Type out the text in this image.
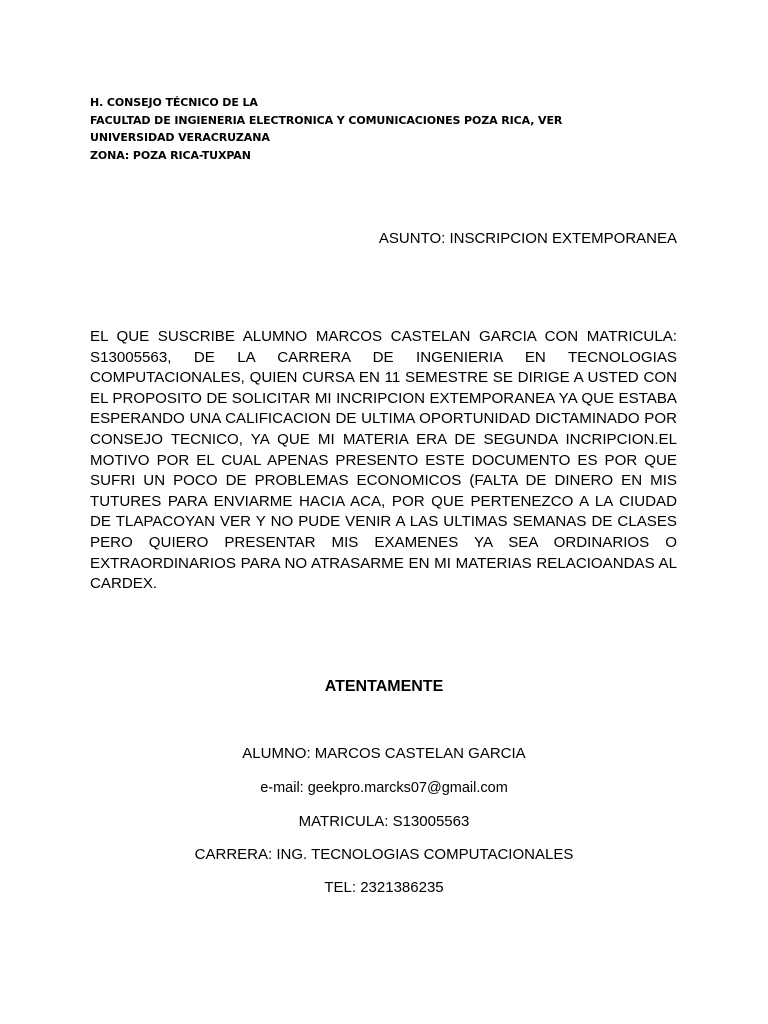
H. CONSEJO TÉCNICO DE LA
FACULTAD DE INGIENERIA ELECTRONICA Y COMUNICACIONES POZA RICA, VER
UNIVERSIDAD VERACRUZANA
ZONA: POZA RICA-TUXPAN
ASUNTO: INSCRIPCION EXTEMPORANEA

EL QUE SUSCRIBE ALUMNO MARCOS CASTELAN GARCIA CON MATRICULA: S13005563, DE LA CARRERA DE INGENIERIA EN TECNOLOGIAS COMPUTACIONALES, QUIEN CURSA EN 11 SEMESTRE SE DIRIGE A USTED CON EL PROPOSITO DE SOLICITAR MI INCRIPCION EXTEMPORANEA YA QUE ESTABA ESPERANDO UNA CALIFICACION DE ULTIMA OPORTUNIDAD DICTAMINADO POR CONSEJO TECNICO, YA QUE MI MATERIA ERA DE SEGUNDA INCRIPCION.EL MOTIVO POR EL CUAL APENAS PRESENTO ESTE DOCUMENTO ES POR QUE SUFRI UN POCO DE PROBLEMAS ECONOMICOS (FALTA DE DINERO EN MIS TUTURES PARA ENVIARME HACIA ACA, POR QUE PERTENEZCO A LA CIUDAD DE TLAPACOYAN VER Y NO PUDE VENIR A LAS ULTIMAS SEMANAS DE CLASES PERO QUIERO PRESENTAR MIS EXAMENES YA SEA ORDINARIOS O EXTRAORDINARIOS PARA NO ATRASARME EN MI MATERIAS RELACIOANDAS AL CARDEX.

ATENTAMENTE
ALUMNO: MARCOS CASTELAN GARCIA
e-mail: geekpro.marcks07@gmail.com
MATRICULA: S13005563
CARRERA: ING. TECNOLOGIAS COMPUTACIONALES
TEL: 2321386235
